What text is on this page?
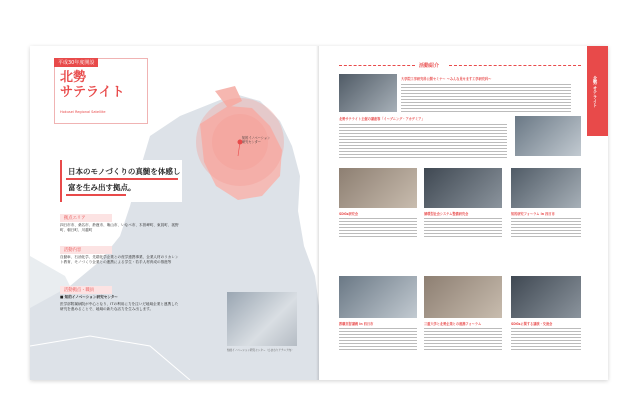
平成30年度開設
北勢
サテライト
Hokusei Regional Satellite
知的イノベーション
研究センター
日本のモノづくりの真髄を体感し
富を生み出す拠点。
拠点エリア
四日市市、桑名市、鈴鹿市、亀山市、いなべ市、木曽岬町、東員町、菰野町、朝日町、川越町
活動内容
自動車、石油化学、先端化学企業との産学連携事業、企業人材のリカレント教育、モノづくり企業との連携による学生・若手人材育成の推進等
活動拠点・職員
■ 知的イノベーション研究センター
医学部附属病院が中心となり、ITの利用に力を注いだ地域企業と連携した研究を進めることで、地域の新たな活力を生み出します。
知的イノベーション研究センター（ひまわりアテニア内）
活動紹介
北勢 サテライト
大学院工学研究科公開セミナー ～みんな見せます工学研究科～
北勢サテライト主催の講座等「イーブニング・アカデミア」
SDGs研究会	循環型社会システム整備研究会	知的研究フォーラム in 四日市
教職実習講義 in 四日市	三重大学と北勢企業との連携フォーラム	SDGsに関する講演・交流会
